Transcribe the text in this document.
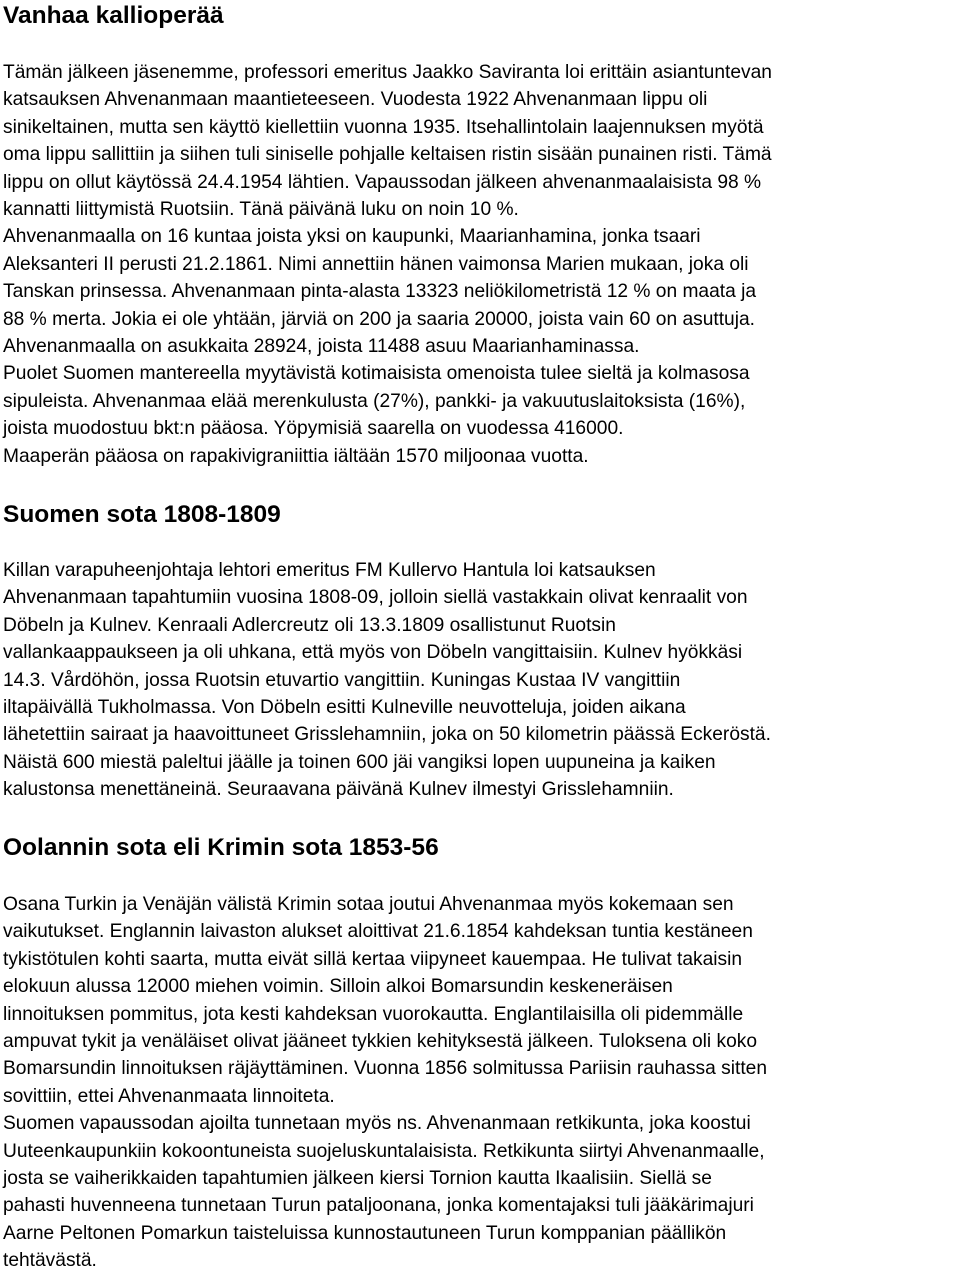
Vanhaa kallioperää

Tämän jälkeen jäsenemme, professori emeritus Jaakko Saviranta loi erittäin asiantuntevan

katsauksen Ahvenanmaan maantieteeseen. Vuodesta 1922 Ahvenanmaan lippu oli

sinikeltainen, mutta sen käyttö kiellettiin vuonna 1935. Itsehallintolain laajennuksen myötä

oma lippu sallittiin ja siihen tuli siniselle pohjalle keltaisen ristin sisään punainen risti. Tämä

lippu on ollut käytössä 24.4.1954 lähtien. Vapaussodan jälkeen ahvenanmaalaisista 98 %

kannatti liittymistä Ruotsiin. Tänä päivänä luku on noin 10 %.

Ahvenanmaalla on 16 kuntaa joista yksi on kaupunki, Maarianhamina, jonka tsaari

Aleksanteri II perusti 21.2.1861. Nimi annettiin hänen vaimonsa Marien mukaan, joka oli

Tanskan prinsessa. Ahvenanmaan pinta-alasta 13323 neliökilometristä 12 % on maata ja

88 % merta. Jokia ei ole yhtään, järviä on 200 ja saaria 20000, joista vain 60 on asuttuja.

Ahvenanmaalla on asukkaita 28924, joista 11488 asuu Maarianhaminassa.

Puolet Suomen mantereella myytävistä kotimaisista omenoista tulee sieltä ja kolmasosa

sipuleista. Ahvenanmaa elää merenkulusta (27%), pankki- ja vakuutuslaitoksista (16%),

joista muodostuu bkt:n pääosa. Yöpymisiä saarella on vuodessa 416000.

Maaperän pääosa on rapakivigraniittia iältään 1570 miljoonaa vuotta.

Suomen sota 1808-1809

Killan varapuheenjohtaja lehtori emeritus FM Kullervo Hantula loi katsauksen

Ahvenanmaan tapahtumiin vuosina 1808-09, jolloin siellä vastakkain olivat kenraalit von

Döbeln ja Kulnev. Kenraali Adlercreutz oli 13.3.1809 osallistunut Ruotsin

vallankaappaukseen ja oli uhkana, että myös von Döbeln vangittaisiin. Kulnev hyökkäsi

14.3. Vårdöhön, jossa Ruotsin etuvartio vangittiin. Kuningas Kustaa IV vangittiin

iltapäivällä Tukholmassa. Von Döbeln esitti Kulneville neuvotteluja, joiden aikana

lähetettiin sairaat ja haavoittuneet Grisslehamniin, joka on 50 kilometrin päässä Eckeröstä.

Näistä 600 miestä paleltui jäälle ja toinen 600 jäi vangiksi lopen uupuneina ja kaiken

kalustonsa menettäneinä. Seuraavana päivänä Kulnev ilmestyi Grisslehamniin.

Oolannin sota eli Krimin sota 1853-56

Osana Turkin ja Venäjän välistä Krimin sotaa joutui Ahvenanmaa myös kokemaan sen

vaikutukset. Englannin laivaston alukset aloittivat 21.6.1854 kahdeksan tuntia kestänee​n

tykistötulen kohti saarta, mutta eivät sillä kertaa viipyneet kauempaa. He tulivat takaisin

elokuun alussa 12000 miehen voimin. Silloin alkoi Bomarsundin keskeneräisen

linnoituksen pommitus, jota kesti kahdeksan vuorokautta. Englantilaisilla oli pidemmälle

ampuvat tykit ja venäläiset olivat jääneet tykkien kehityksestä jälkeen. Tuloksena oli koko

Bomarsundin linnoituksen räjäyttäminen. Vuonna 1856 solmitussa Pariisin rauhassa sitten

sovittiin, ettei Ahvenanmaata linnoiteta.

Suomen vapaussodan ajoilta tunnetaan myös ns. Ahvenanmaan retkikunta, joka koostui

Uuteenkaupunkiin kokoontuneista suojeluskuntalaisista. Retkikunta siirtyi Ahvenanmaalle,

josta se vaiherikkaiden tapahtumien jälkeen kiersi Tornion kautta Ikaalisiin. Siellä se

pahasti huvenneena tunnetaan Turun pataljoonana, jonka komentajaksi tuli jääkärimajuri

Aarne Peltonen Pomarkun taisteluissa kunnostautuneen Turun komppanian päällikön

tehtävästä.
